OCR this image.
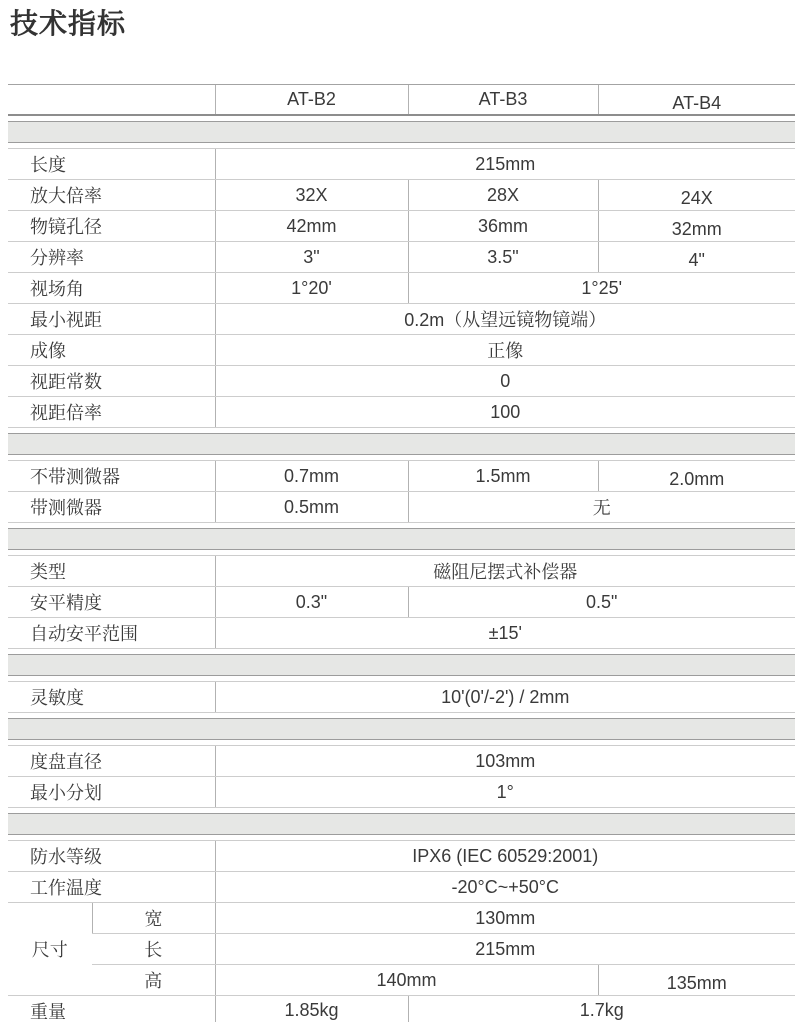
技术指标
		AT-B2	AT-B3	AT-B4

长度		215mm		
放大倍率		32X	28X	24X
物镜孔径		42mm	36mm	32mm
分辨率		3"	3.5"	4"
视场角		1°20'	1°25'	
最小视距		0.2m（从望远镜物镜端）		
成像		正像		
视距常数		0		
视距倍率		100		

不带测微器		0.7mm	1.5mm	2.0mm
带测微器		0.5mm	无	

类型		磁阻尼摆式补偿器		
安平精度		0.3"	0.5"	
自动安平范围		±15'		

灵敏度		10'(0'/-2') / 2mm		

度盘直径		103mm		
最小分划		1°		

防水等级		IPX6 (IEC 60529:2001)		
工作温度		-20°C~+50°C		
尺寸	宽	130mm		
	长	215mm		
	高	140mm		135mm
重量		1.85kg	1.7kg	
